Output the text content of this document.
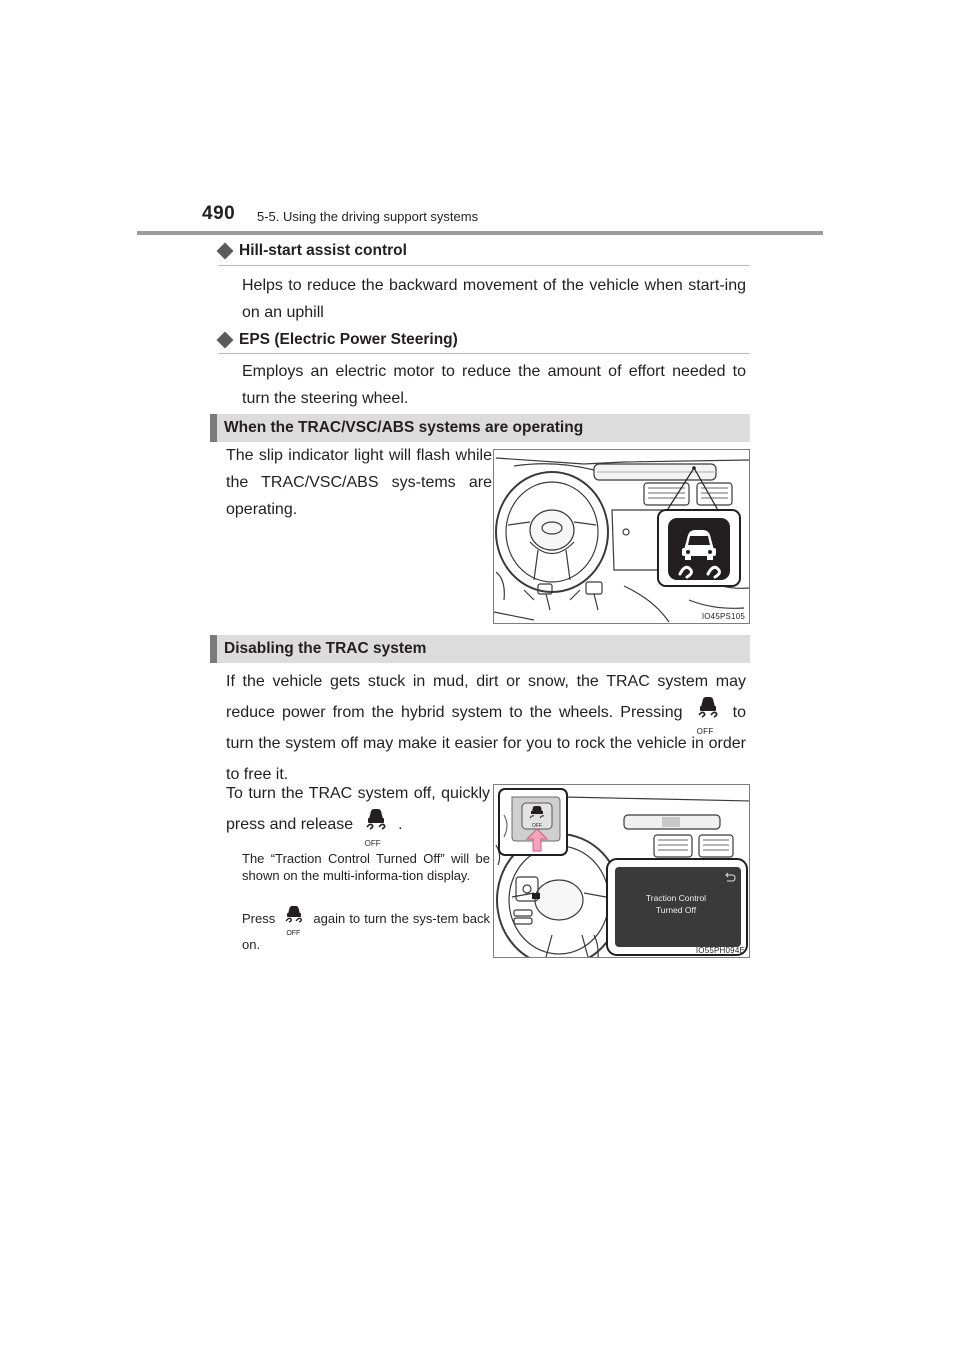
490 5-5. Using the driving support systems
Hill-start assist control
Helps to reduce the backward movement of the vehicle when start-ing on an uphill
EPS (Electric Power Steering)
Employs an electric motor to reduce the amount of effort needed to turn the steering wheel.
When the TRAC/VSC/ABS systems are operating
The slip indicator light will flash while the TRAC/VSC/ABS sys-tems are operating.
IO45PS105
Disabling the TRAC system
If the vehicle gets stuck in mud, dirt or snow, the TRAC system may reduce power from the hybrid system to the wheels. Pressing
OFF
to turn the system off may make it easier for you to rock the vehicle in order to free it.
To turn the TRAC system off, quickly press and release
OFF
.
The “Traction Control Turned Off” will be shown on the multi-informa-tion display.
Press
OFF
again to turn the sys-tem back on.
OFF
Traction Control
Turned Off
IO55PH094E
